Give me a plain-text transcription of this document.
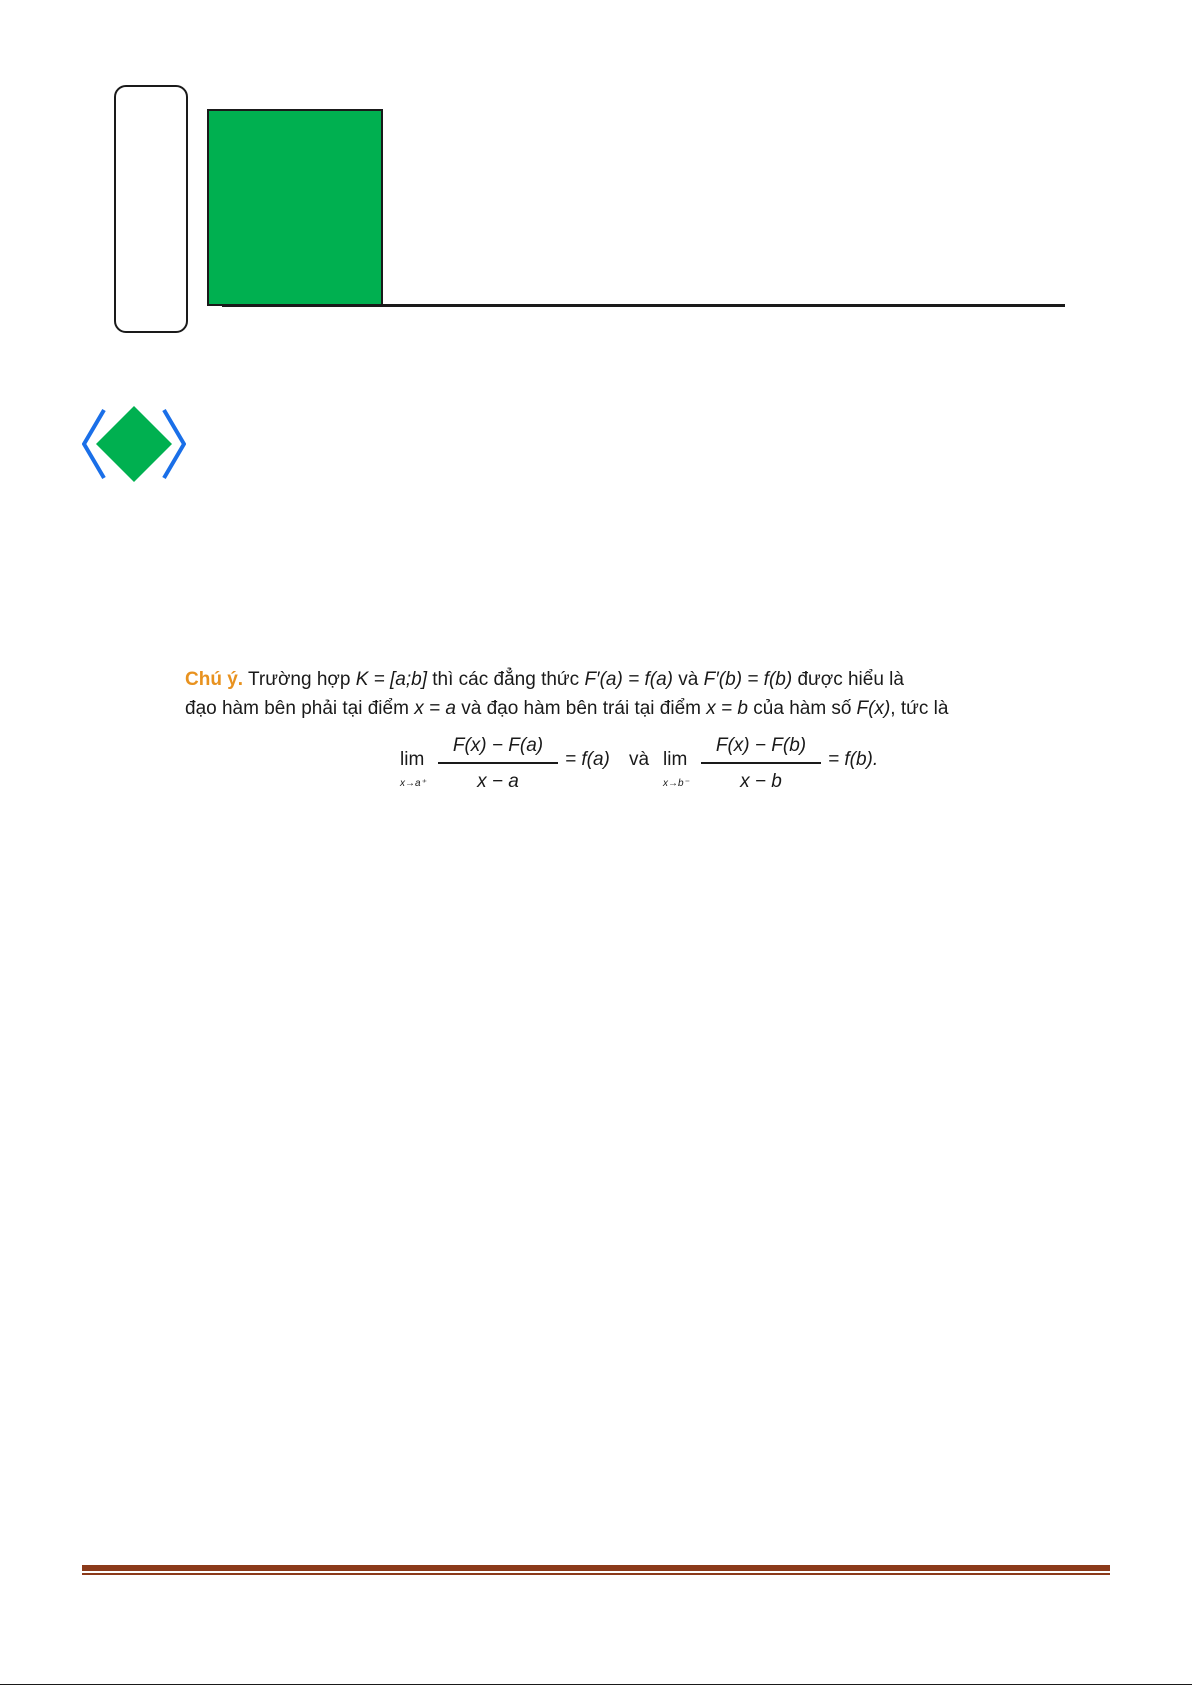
Chú ý. Trường hợp K = [a;b] thì các đẳng thức F′(a) = f(a) và F′(b) = f(b) được hiểu là
đạo hàm bên phải tại điểm x = a và đạo hàm bên trái tại điểm x = b của hàm số F(x), tức là
lim
x→a⁺
F(x) − F(a)
x − a
= f(a) và lim
x→b⁻
F(x) − F(b)
x − b
= f(b).
